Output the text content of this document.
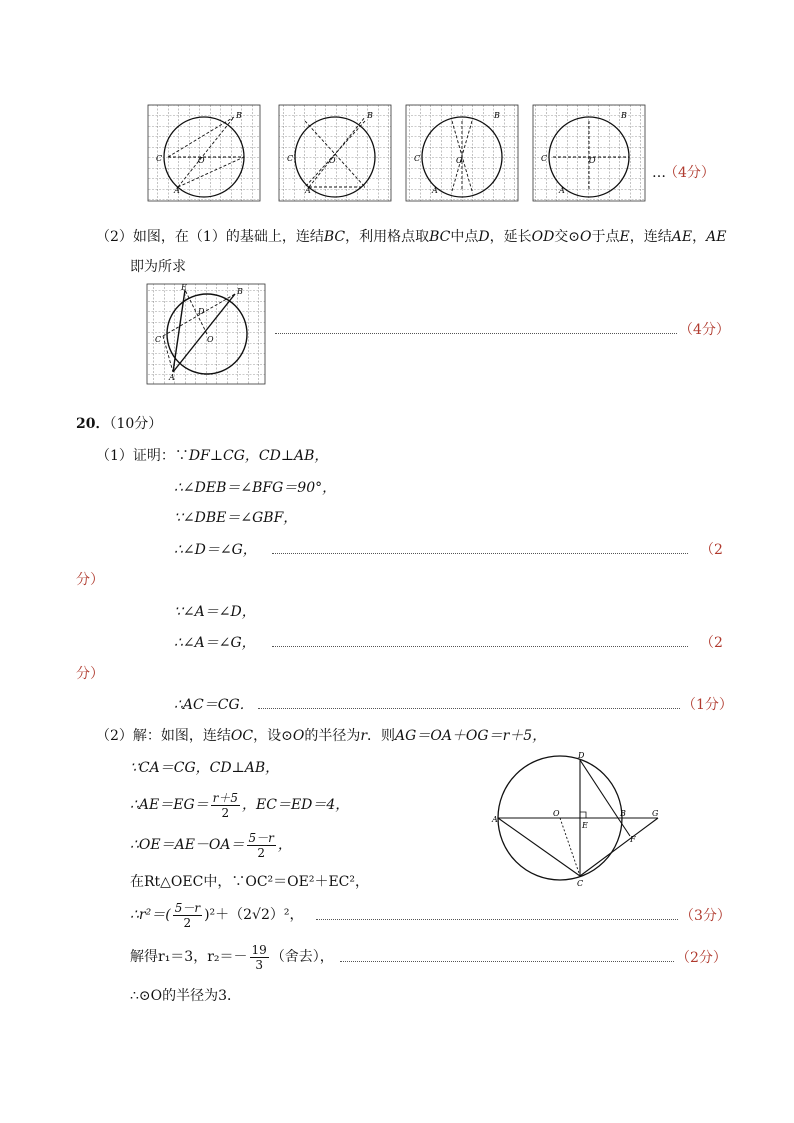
B
C
A
O
B
C
A
O
B
C
A
O
B
C
A
O
…
（4分）
（2）如图，在（1）的基础上，连结BC，利用格点取BC中点D，延长OD交⊙O于点E，连结AE，AE
即为所求
E	B
D
O
C
A
（4分）
20．（10分）
（1）证明：∵DF⊥CG，CD⊥AB，
∴∠DEB＝∠BFG＝90°，
∵∠DBE＝∠GBF，
∴∠D＝∠G，	（2
分）
∵∠A＝∠D，
∴∠A＝∠G，	（2
分）
∴AC＝CG．	（1分）
（2）解：如图，连结OC，设⊙O的半径为r．则AG＝OA＋OG＝r＋5，
∵CA＝CG，CD⊥AB，
∴AE＝EG＝ $\frac{r+5}{2}$ ，EC＝ED＝4，
∴OE＝AE－OA＝ $\frac{5-r}{2}$ ，
在Rt△OEC中，∵OC²＝OE²＋EC²，
∴r²＝( $\frac{5-r}{2} )^2+(2√2)^2$，	（3分）
解得r₁＝3，$r_2=- \frac{19}{3}$ （舍去），	（2分）
∴⊙O的半径为3．
D
O	B	G
A
E
F
C
